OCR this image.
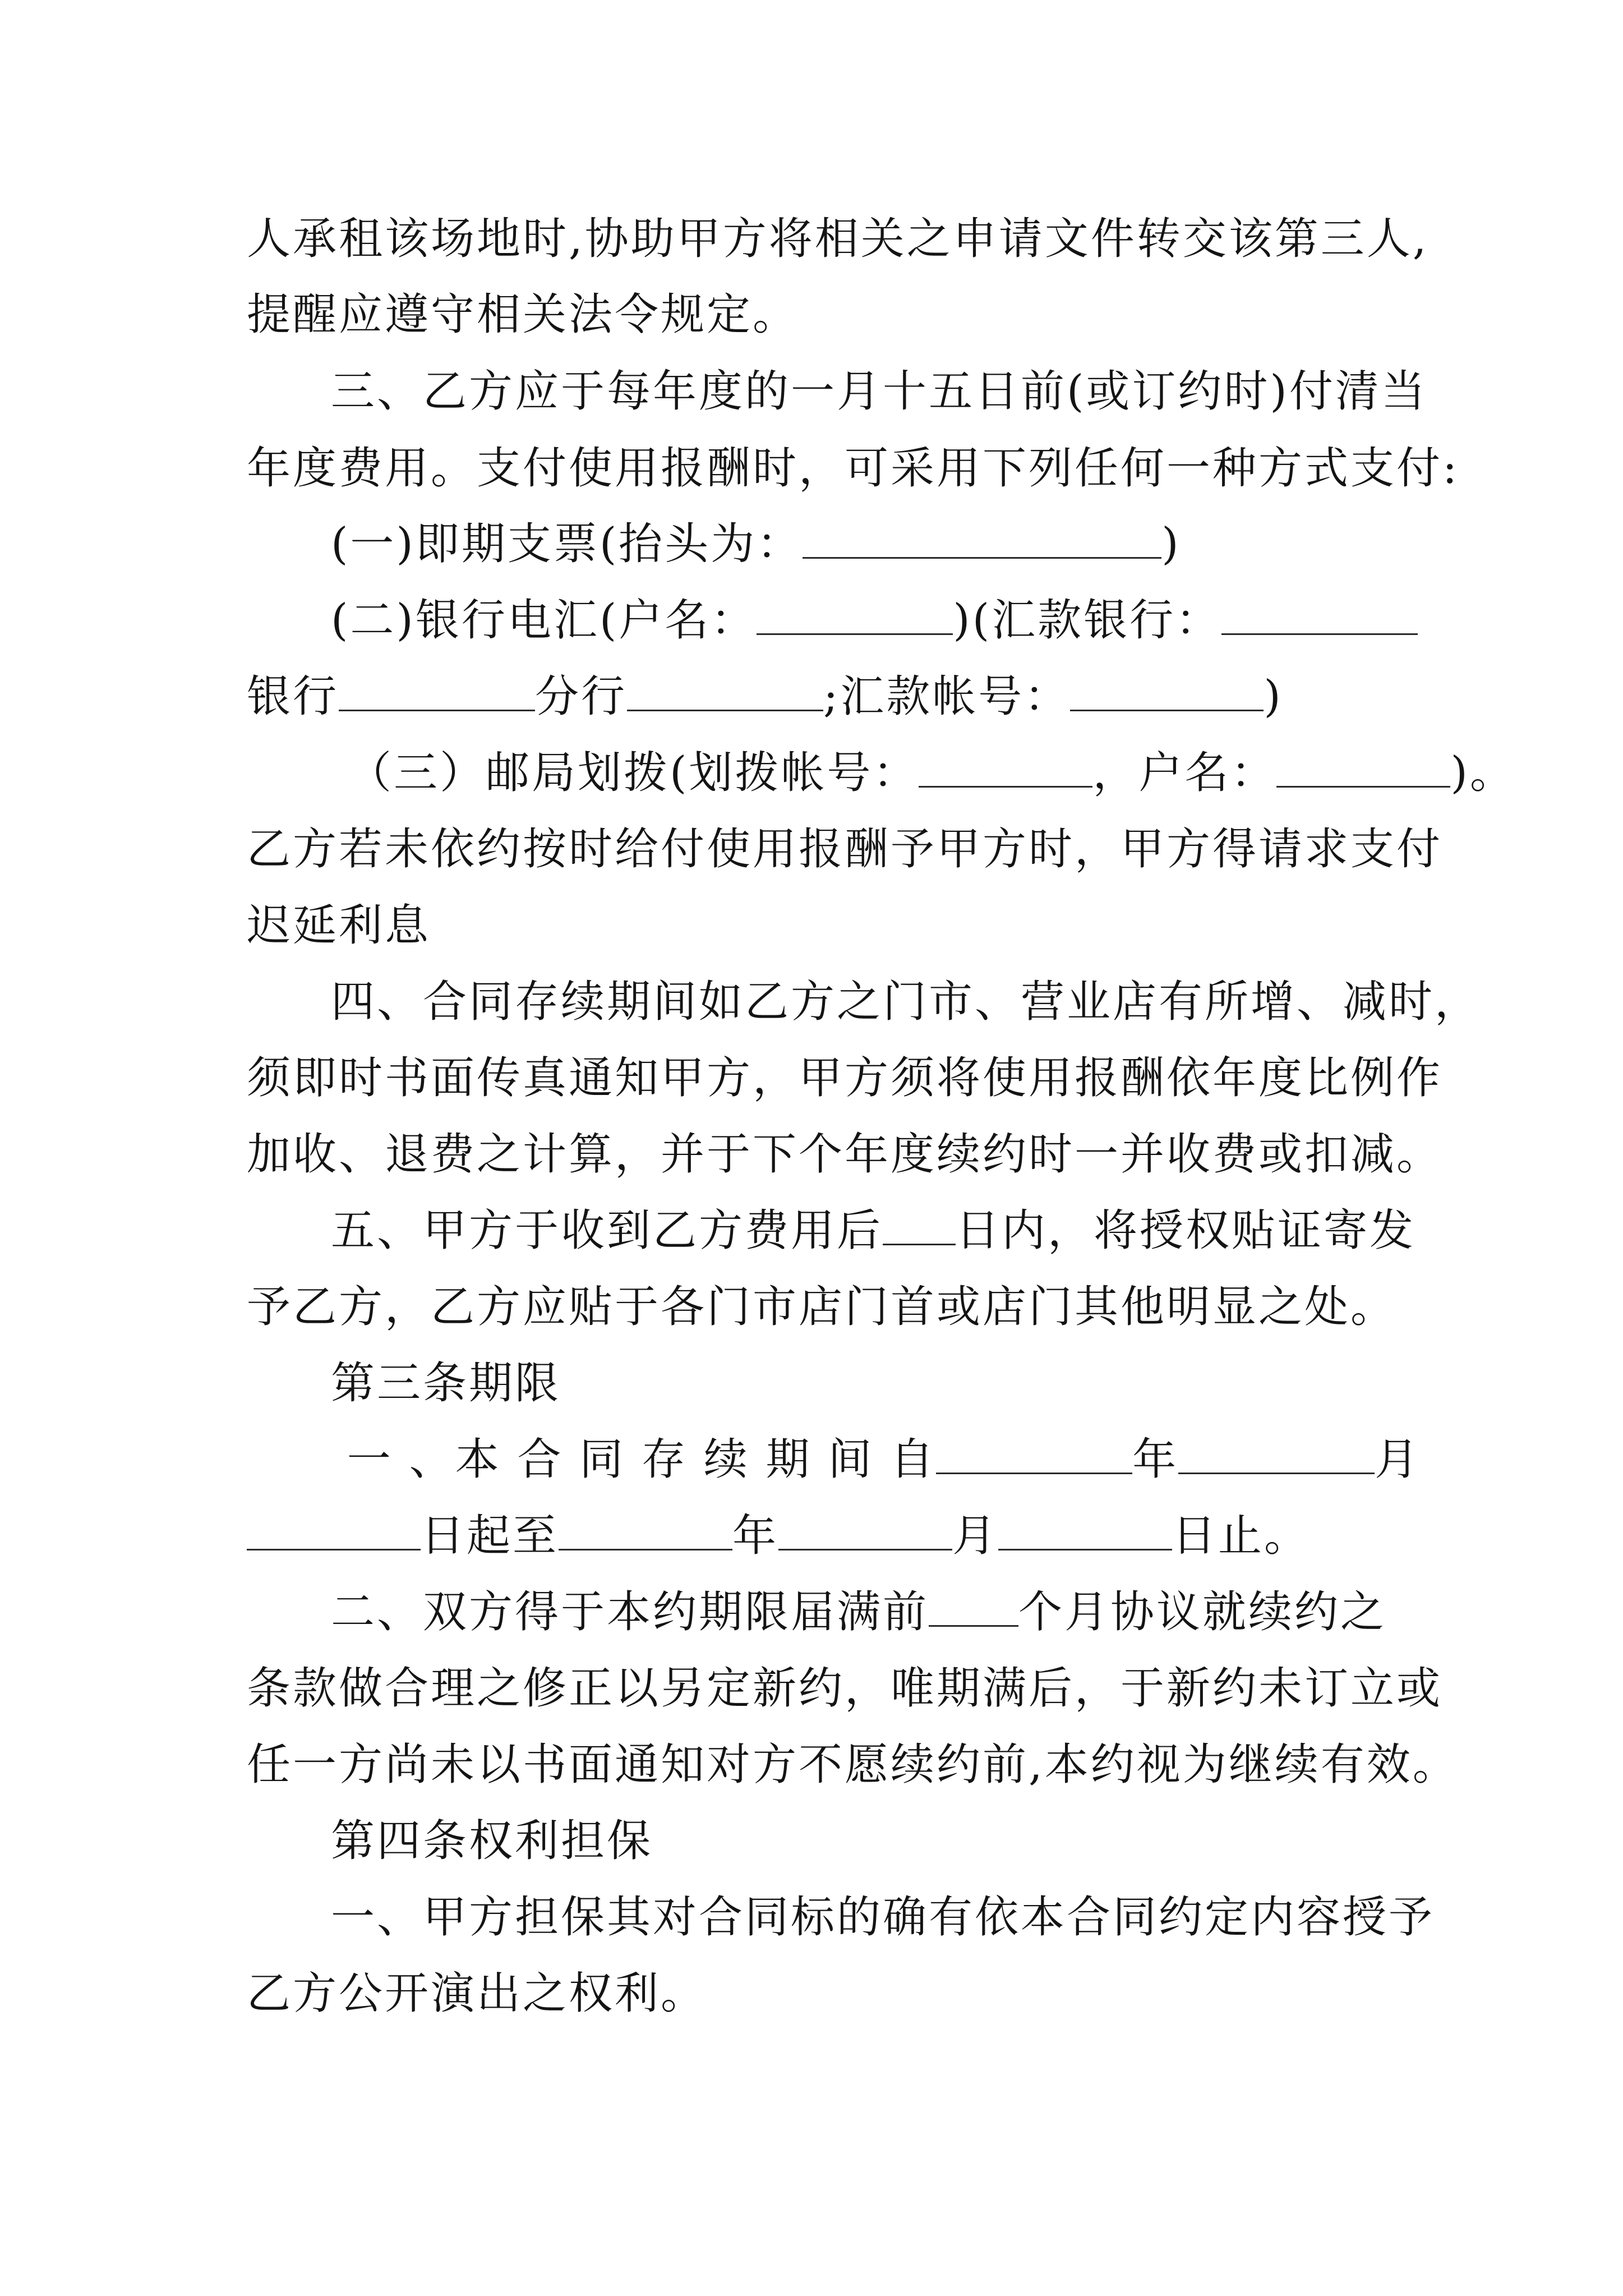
人承租该场地时,协助甲方将相关之申请文件转交该第三人,
提醒应遵守相关法令规定。
三、乙方应于每年度的一月十五日前(或订约时)付清当
年度费用。支付使用报酬时，可采用下列任何一种方式支付:
(一)即期支票(抬头为：	)
(二)银行电汇(户名：	)(汇款银行：
银行	分行	;汇款帐号：	)
（三）邮局划拨(划拨帐号：	，户名：	)。
乙方若未依约按时给付使用报酬予甲方时，甲方得请求支付
迟延利息
四、合同存续期间如乙方之门市、营业店有所增、减时，
须即时书面传真通知甲方，甲方须将使用报酬依年度比例作
加收、退费之计算，并于下个年度续约时一并收费或扣减。
五、甲方于收到乙方费用后 日内，将授权贴证寄发
予乙方，乙方应贴于各门市店门首或店门其他明显之处。
第三条期限
一 、本 合 同 存 续 期 间 自	年	月
日起至	年	月	日止。
二、双方得于本约期限届满前 个月协议就续约之
条款做合理之修正以另定新约，唯期满后，于新约未订立或
任一方尚未以书面通知对方不愿续约前,本约视为继续有效。
第四条权利担保
一、甲方担保其对合同标的确有依本合同约定内容授予
乙方公开演出之权利。
